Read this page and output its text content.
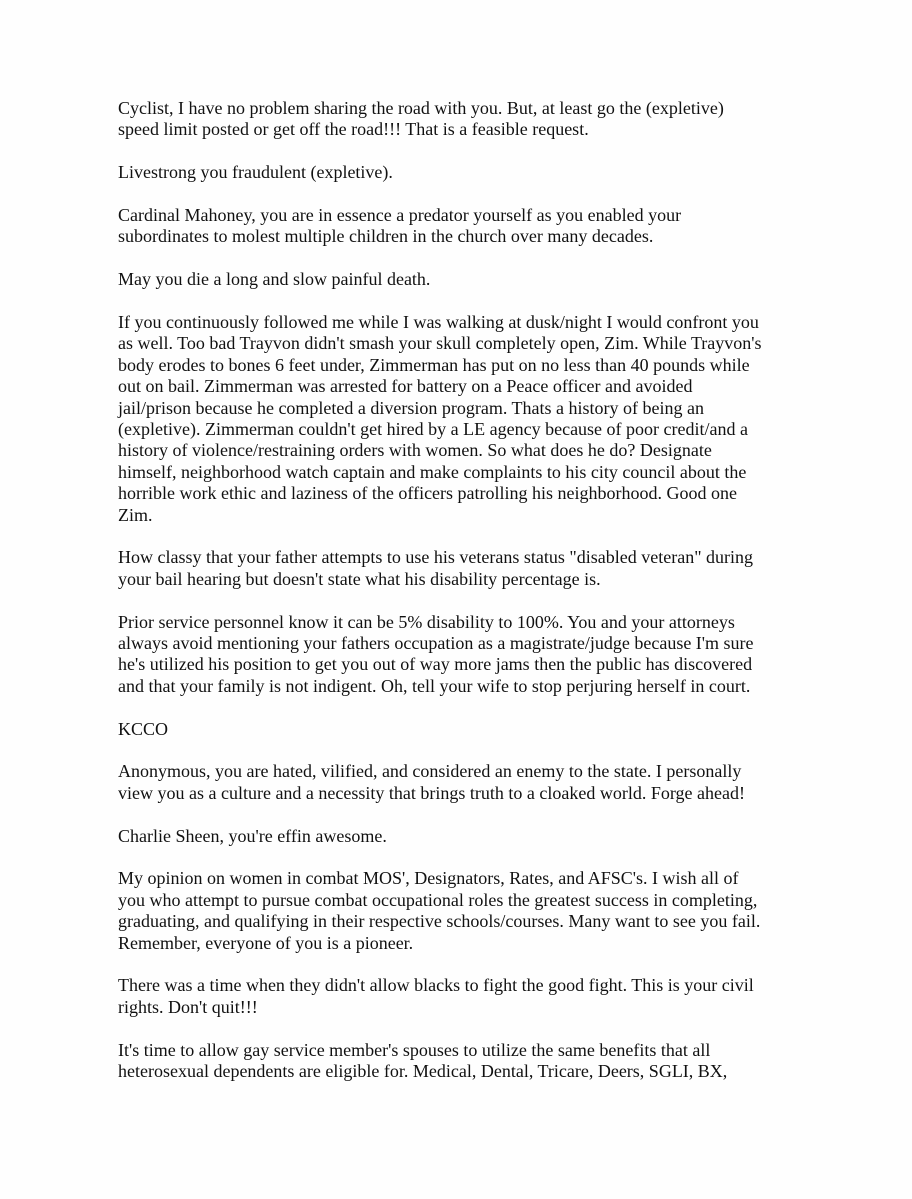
Cyclist, I have no problem sharing the road with you. But, at least go the (expletive)
speed limit posted or get off the road!!! That is a feasible request.

Livestrong you fraudulent (expletive).

Cardinal Mahoney, you are in essence a predator yourself as you enabled your
subordinates to molest multiple children in the church over many decades.

May you die a long and slow painful death.

If you continuously followed me while I was walking at dusk/night I would confront you
as well. Too bad Trayvon didn't smash your skull completely open, Zim. While Trayvon's
body erodes to bones 6 feet under, Zimmerman has put on no less than 40 pounds while
out on bail. Zimmerman was arrested for battery on a Peace officer and avoided
jail/prison because he completed a diversion program. Thats a history of being an
(expletive). Zimmerman couldn't get hired by a LE agency because of poor credit/and a
history of violence/restraining orders with women. So what does he do? Designate
himself, neighborhood watch captain and make complaints to his city council about the
horrible work ethic and laziness of the officers patrolling his neighborhood. Good one
Zim.

How classy that your father attempts to use his veterans status "disabled veteran" during
your bail hearing but doesn't state what his disability percentage is.

Prior service personnel know it can be 5% disability to 100%. You and your attorneys
always avoid mentioning your fathers occupation as a magistrate/judge because I'm sure
he's utilized his position to get you out of way more jams then the public has discovered
and that your family is not indigent. Oh, tell your wife to stop perjuring herself in court.

KCCO

Anonymous, you are hated, vilified, and considered an enemy to the state. I personally
view you as a culture and a necessity that brings truth to a cloaked world. Forge ahead!

Charlie Sheen, you're effin awesome.

My opinion on women in combat MOS', Designators, Rates, and AFSC's. I wish all of
you who attempt to pursue combat occupational roles the greatest success in completing,
graduating, and qualifying in their respective schools/courses. Many want to see you fail.
Remember, everyone of you is a pioneer.

There was a time when they didn't allow blacks to fight the good fight. This is your civil
rights. Don't quit!!!

It's time to allow gay service member's spouses to utilize the same benefits that all
heterosexual dependents are eligible for. Medical, Dental, Tricare, Deers, SGLI, BX,
